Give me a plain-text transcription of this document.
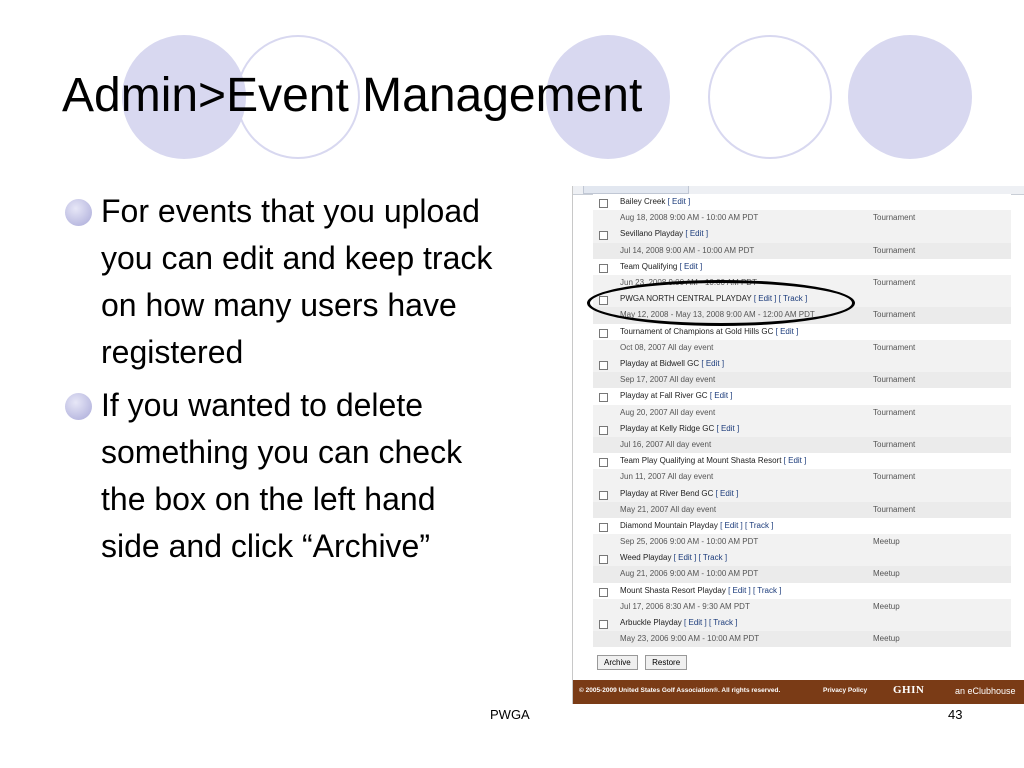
Admin>Event Management
For events that you upload you can edit and keep track on how many users have registered
If you wanted to delete something you can check the box on the left hand side and click “Archive”
Bailey Creek [ Edit ]
Aug 18, 2008 9:00 AM - 10:00 AM PDT	Tournament
Sevillano Playday [ Edit ]
Jul 14, 2008 9:00 AM - 10:00 AM PDT	Tournament
Team Qualifying [ Edit ]
Jun 23, 2008 9:00 AM - 10:00 AM PDT	Tournament
PWGA NORTH CENTRAL PLAYDAY [ Edit ] [ Track ]
May 12, 2008 - May 13, 2008 9:00 AM - 12:00 AM PDT	Tournament
Tournament of Champions at Gold Hills GC [ Edit ]
Oct 08, 2007 All day event	Tournament
Playday at Bidwell GC [ Edit ]
Sep 17, 2007 All day event	Tournament
Playday at Fall River GC [ Edit ]
Aug 20, 2007 All day event	Tournament
Playday at Kelly Ridge GC [ Edit ]
Jul 16, 2007 All day event	Tournament
Team Play Qualifying at Mount Shasta Resort [ Edit ]
Jun 11, 2007 All day event	Tournament
Playday at River Bend GC [ Edit ]
May 21, 2007 All day event	Tournament
Diamond Mountain Playday [ Edit ] [ Track ]
Sep 25, 2006 9:00 AM - 10:00 AM PDT	Meetup
Weed Playday [ Edit ] [ Track ]
Aug 21, 2006 9:00 AM - 10:00 AM PDT	Meetup
Mount Shasta Resort Playday [ Edit ] [ Track ]
Jul 17, 2006 8:30 AM - 9:30 AM PDT	Meetup
Arbuckle Playday [ Edit ] [ Track ]
May 23, 2006 9:00 AM - 10:00 AM PDT	Meetup
Archive	Restore
© 2005-2009 United States Golf Association®. All rights reserved.	Privacy Policy GHIN	an eClubhouse
PWGA	43
